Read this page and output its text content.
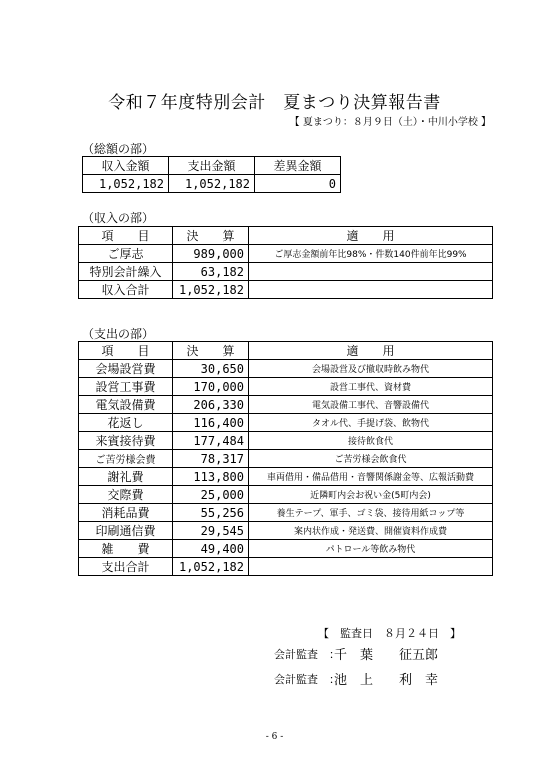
令和７年度特別会計　夏まつり決算報告書
【 夏まつり：８月９日（土）・中川小学校 】
（総額の部）
収入金額	支出金額	差異金額
1,052,182	1,052,182	0
（収入の部）
項　　目	決　　算	適　　用
ご厚志	989,000	ご厚志金額前年比98%・件数140件前年比99%
特別会計繰入	63,182	
収入合計	1,052,182	
（支出の部）
項　　目	決　　算	適　　用
会場設営費	30,650	会場設営及び撤収時飲み物代
設営工事費	170,000	設営工事代、資材費
電気設備費	206,330	電気設備工事代、音響設備代
花返し	116,400	タオル代、手提げ袋、飲物代
来賓接待費	177,484	接待飲食代
ご苦労様会費	78,317	ご苦労様会飲食代
謝礼費	113,800	車両借用・備品借用・音響関係謝金等、広報活動費
交際費	25,000	近隣町内会お祝い金(5町内会)
消耗品費	55,256	養生テープ、軍手、ゴミ袋、接待用紙コップ等
印刷通信費	29,545	案内状作成・発送費、開催資料作成費
雑　　費	49,400	パトロール等飲み物代
支出合計	1,052,182	
【　監査日　８月２４日　】
会計監査　：
千　葉　　征五郎
会計監査　：
池　上　　利　幸
- 6 -
